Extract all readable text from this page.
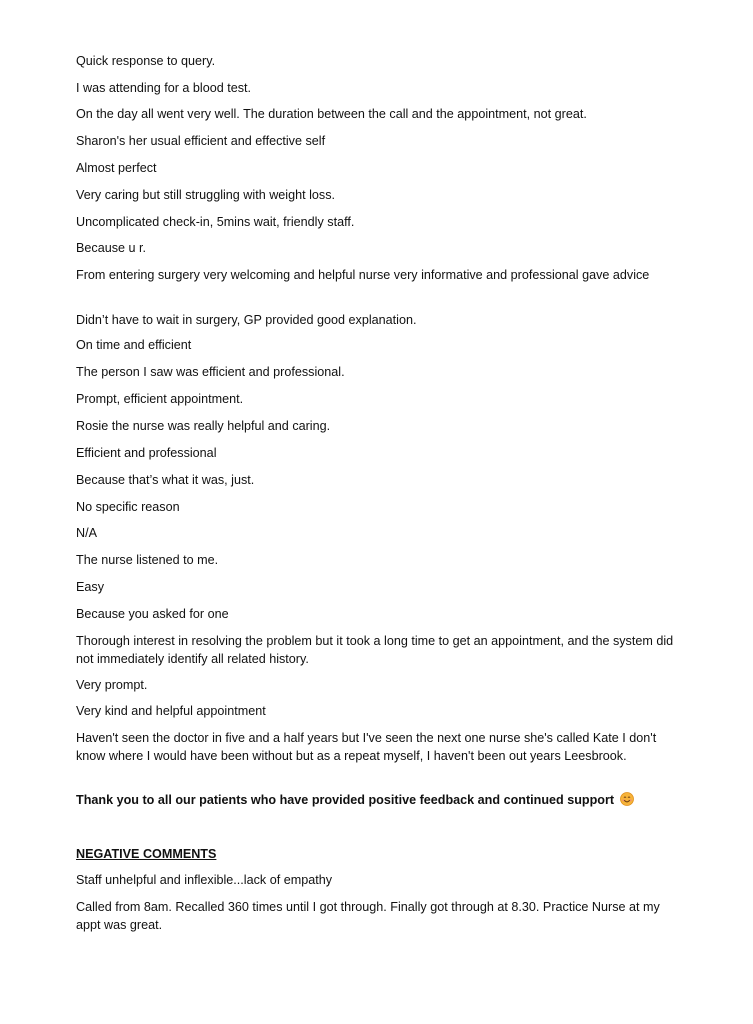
Quick response to query.

I was attending for a blood test.

On the day all went very well. The duration between the call and the appointment, not great.

Sharon's her usual efficient and effective self

Almost perfect

Very caring but still struggling with weight loss.

Uncomplicated check-in, 5mins wait, friendly staff.

Because u r.

From entering surgery very welcoming and helpful nurse very informative and professional gave advice

Didn’t have to wait in surgery, GP provided good explanation.

On time and efficient

The person I saw was efficient and professional.

Prompt, efficient appointment.

Rosie the nurse was really helpful and caring.

Efficient and professional

Because that’s what it was, just.

No specific reason

N/A

The nurse listened to me.

Easy

Because you asked for one

Thorough interest in resolving the problem but it took a long time to get an appointment, and the system did not immediately identify all related history.

Very prompt.

Very kind and helpful appointment

Haven't seen the doctor in five and a half years but I've seen the next one nurse she's called Kate I don't know where I would have been without but as a repeat myself, I haven't been out years Leesbrook.

Thank you to all our patients who have provided positive feedback and continued support

NEGATIVE COMMENTS

Staff unhelpful and inflexible...lack of empathy

Called from 8am. Recalled 360 times until I got through. Finally got through at 8.30. Practice Nurse at my appt was great.
